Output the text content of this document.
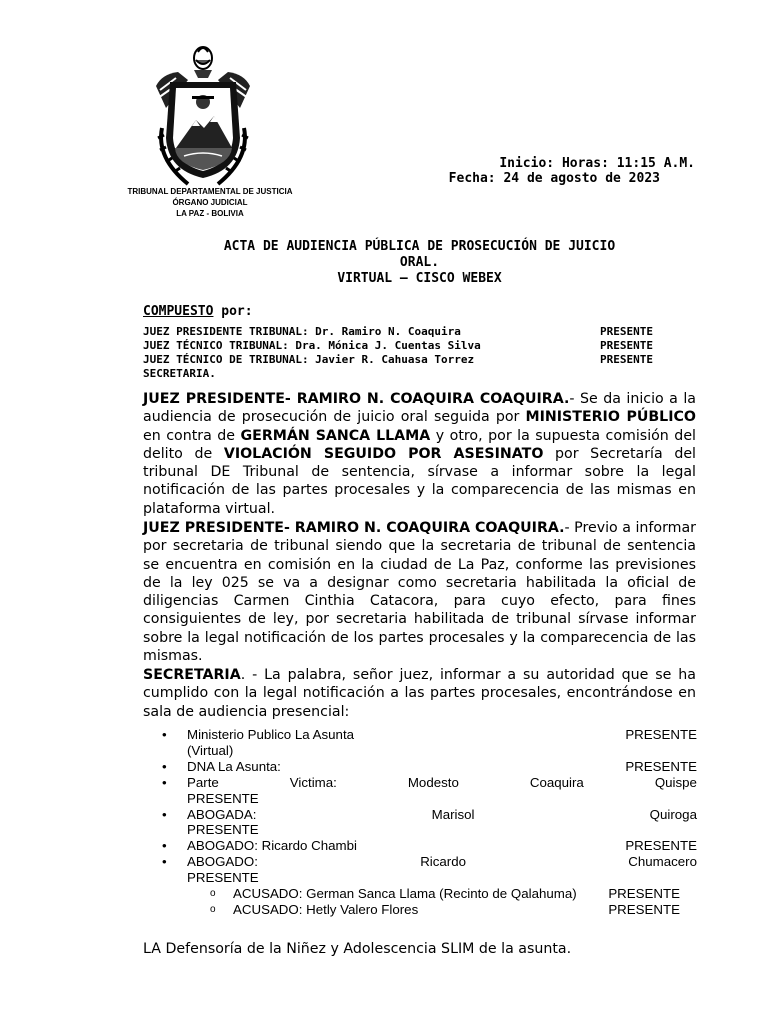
TRIBUNAL DEPARTAMENTAL DE JUSTICIA
ÓRGANO JUDICIAL
LA PAZ - BOLIVIA
Inicio: Horas: 11:15 A.M.
Fecha: 24 de agosto de 2023
ACTA DE AUDIENCIA PÚBLICA DE PROSECUCIÓN DE JUICIO
ORAL.
VIRTUAL – CISCO WEBEX
COMPUESTO por:
JUEZ PRESIDENTE TRIBUNAL: Dr. Ramiro N. Coaquira	PRESENTE
JUEZ TÉCNICO TRIBUNAL: Dra. Mónica J. Cuentas Silva	PRESENTE
JUEZ TÉCNICO DE TRIBUNAL: Javier R. Cahuasa Torrez	PRESENTE
SECRETARIA.
JUEZ PRESIDENTE- RAMIRO N. COAQUIRA COAQUIRA.- Se da inicio a la audiencia de prosecución de juicio oral seguida por MINISTERIO PÚBLICO en contra de GERMÁN SANCA LLAMA y otro, por la supuesta comisión del delito de VIOLACIÓN SEGUIDO POR ASESINATO por Secretaría del tribunal DE Tribunal de sentencia, sírvase a informar sobre la legal notificación de las partes procesales y la comparecencia de las mismas en plataforma virtual.
JUEZ PRESIDENTE- RAMIRO N. COAQUIRA COAQUIRA.- Previo a informar por secretaria de tribunal siendo que la secretaria de tribunal de sentencia se encuentra en comisión en la ciudad de La Paz, conforme las previsiones de la ley 025 se va a designar como secretaria habilitada la oficial de diligencias Carmen Cinthia Catacora, para cuyo efecto, para fines consiguientes de ley, por secretaria habilitada de tribunal sírvase informar sobre la legal notificación de los partes procesales y la comparecencia de las mismas.
SECRETARIA. - La palabra, señor juez, informar a su autoridad que se ha cumplido con la legal notificación a las partes procesales, encontrándose en sala de audiencia presencial:
• Ministerio Publico La Asunta	PRESENTE
(Virtual)
• DNA La Asunta:	PRESENTE
• Parte	Victima:	Modesto	Coaquira	Quispe
PRESENTE
• ABOGADA:	Marisol	Quiroga
PRESENTE
• ABOGADO: Ricardo Chambi	PRESENTE
• ABOGADO:	Ricardo	Chumacero
PRESENTE
o ACUSADO: German Sanca Llama (Recinto de Qalahuma) PRESENTE
o ACUSADO: Hetly Valero Flores	PRESENTE
LA Defensoría de la Niñez y Adolescencia SLIM de la asunta.
